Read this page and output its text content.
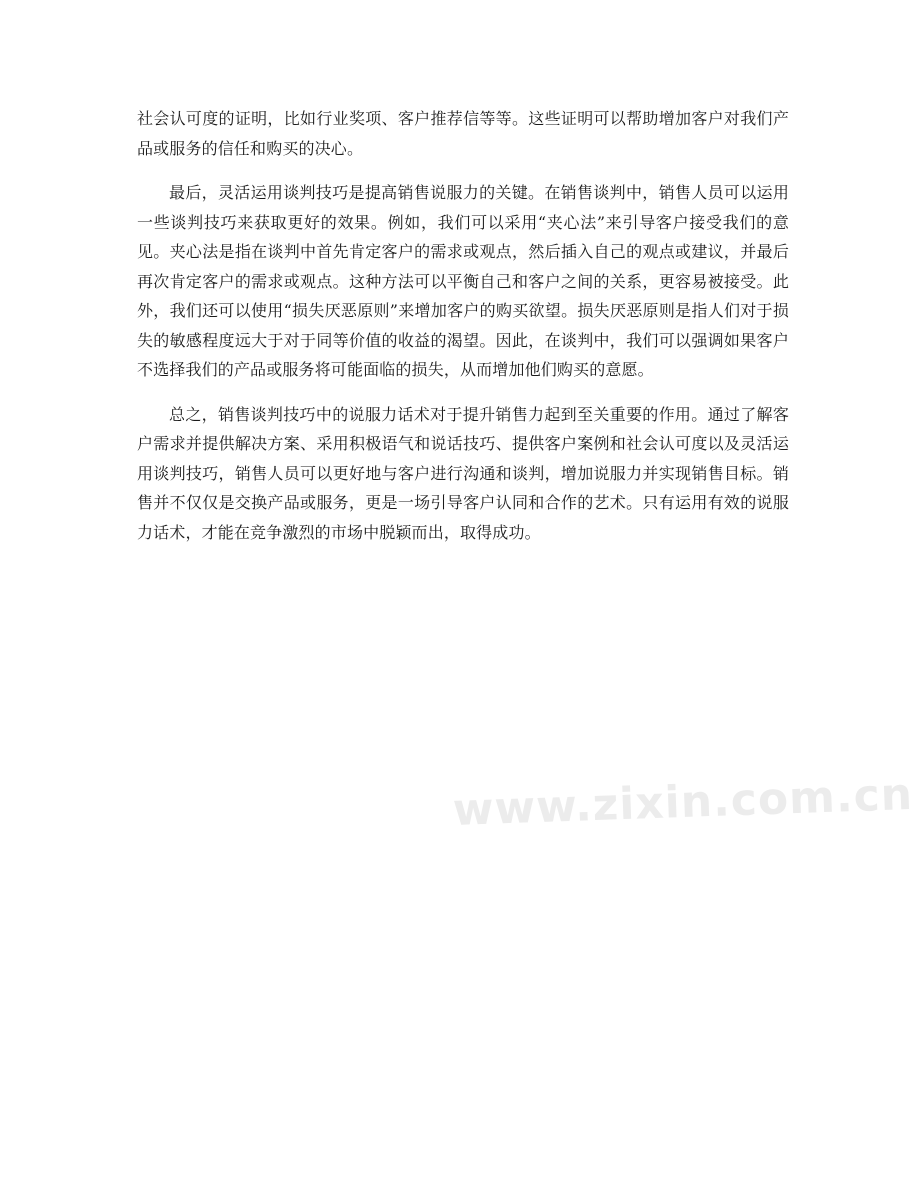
社会认可度的证明，比如行业奖项、客户推荐信等等。这些证明可以帮助增加客户对我们产品或服务的信任和购买的决心。

最后，灵活运用谈判技巧是提高销售说服力的关键。在销售谈判中，销售人员可以运用一些谈判技巧来获取更好的效果。例如，我们可以采用“夹心法”来引导客户接受我们的意见。夹心法是指在谈判中首先肯定客户的需求或观点，然后插入自己的观点或建议，并最后再次肯定客户的需求或观点。这种方法可以平衡自己和客户之间的关系，更容易被接受。此外，我们还可以使用“损失厌恶原则”来增加客户的购买欲望。损失厌恶原则是指人们对于损失的敏感程度远大于对于同等价值的收益的渴望。因此，在谈判中，我们可以强调如果客户不选择我们的产品或服务将可能面临的损失，从而增加他们购买的意愿。

总之，销售谈判技巧中的说服力话术对于提升销售力起到至关重要的作用。通过了解客户需求并提供解决方案、采用积极语气和说话技巧、提供客户案例和社会认可度以及灵活运用谈判技巧，销售人员可以更好地与客户进行沟通和谈判，增加说服力并实现销售目标。销售并不仅仅是交换产品或服务，更是一场引导客户认同和合作的艺术。只有运用有效的说服力话术，才能在竞争激烈的市场中脱颖而出，取得成功。

www.zixin.com.cn
